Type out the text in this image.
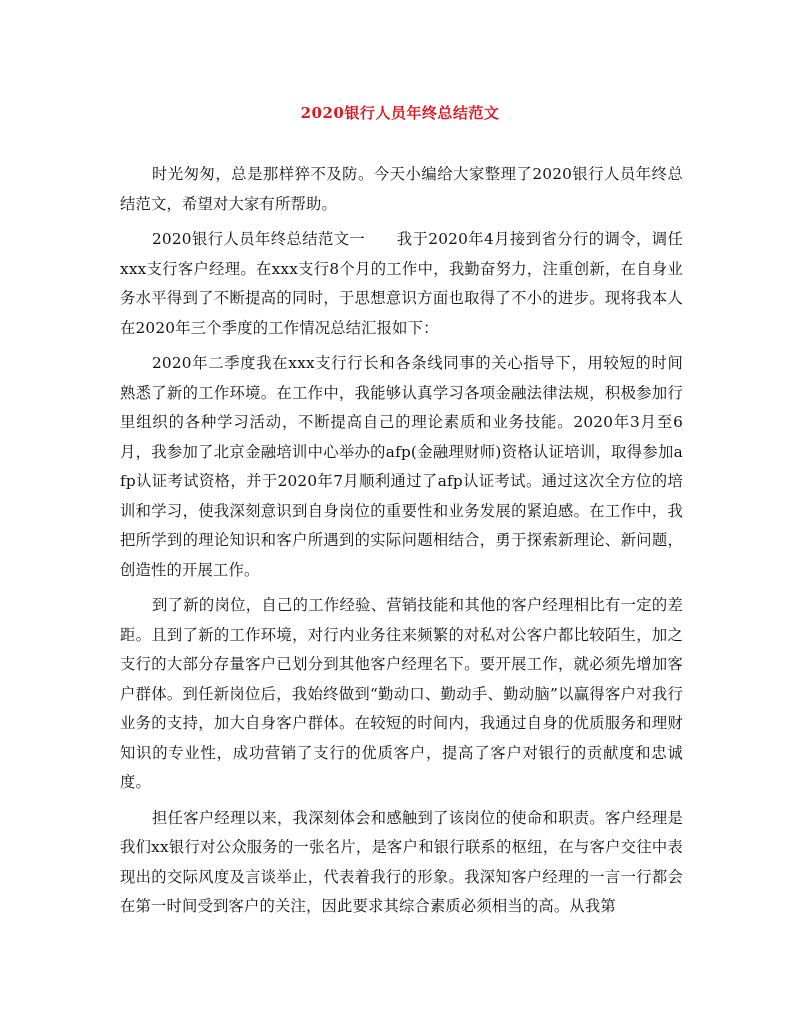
2020银行人员年终总结范文

时光匆匆，总是那样猝不及防。今天小编给大家整理了2020银行人员年终总结范文，希望对大家有所帮助。

2020银行人员年终总结范文一　　我于2020年4月接到省分行的调令，调任xxx支行客户经理。在xxx支行8个月的工作中，我勤奋努力，注重创新，在自身业务水平得到了不断提高的同时，于思想意识方面也取得了不小的进步。现将我本人在2020年三个季度的工作情况总结汇报如下：

2020年二季度我在xxx支行行长和各条线同事的关心指导下，用较短的时间熟悉了新的工作环境。在工作中，我能够认真学习各项金融法律法规，积极参加行里组织的各种学习活动，不断提高自己的理论素质和业务技能。2020年3月至6月，我参加了北京金融培训中心举办的afp(金融理财师)资格认证培训，取得参加afp认证考试资格，并于2020年7月顺利通过了afp认证考试。通过这次全方位的培训和学习，使我深刻意识到自身岗位的重要性和业务发展的紧迫感。在工作中，我把所学到的理论知识和客户所遇到的实际问题相结合，勇于探索新理论、新问题，创造性的开展工作。

到了新的岗位，自己的工作经验、营销技能和其他的客户经理相比有一定的差距。且到了新的工作环境，对行内业务往来频繁的对私对公客户都比较陌生，加之支行的大部分存量客户已划分到其他客户经理名下。要开展工作，就必须先增加客户群体。到任新岗位后，我始终做到“勤动口、勤动手、勤动脑”以赢得客户对我行业务的支持，加大自身客户群体。在较短的时间内，我通过自身的优质服务和理财知识的专业性，成功营销了支行的优质客户，提高了客户对银行的贡献度和忠诚度。

担任客户经理以来，我深刻体会和感触到了该岗位的使命和职责。客户经理是我们xx银行对公众服务的一张名片，是客户和银行联系的枢纽，在与客户交往中表现出的交际风度及言谈举止，代表着我行的形象。我深知客户经理的一言一行都会在第一时间受到客户的关注，因此要求其综合素质必须相当的高。从我第
